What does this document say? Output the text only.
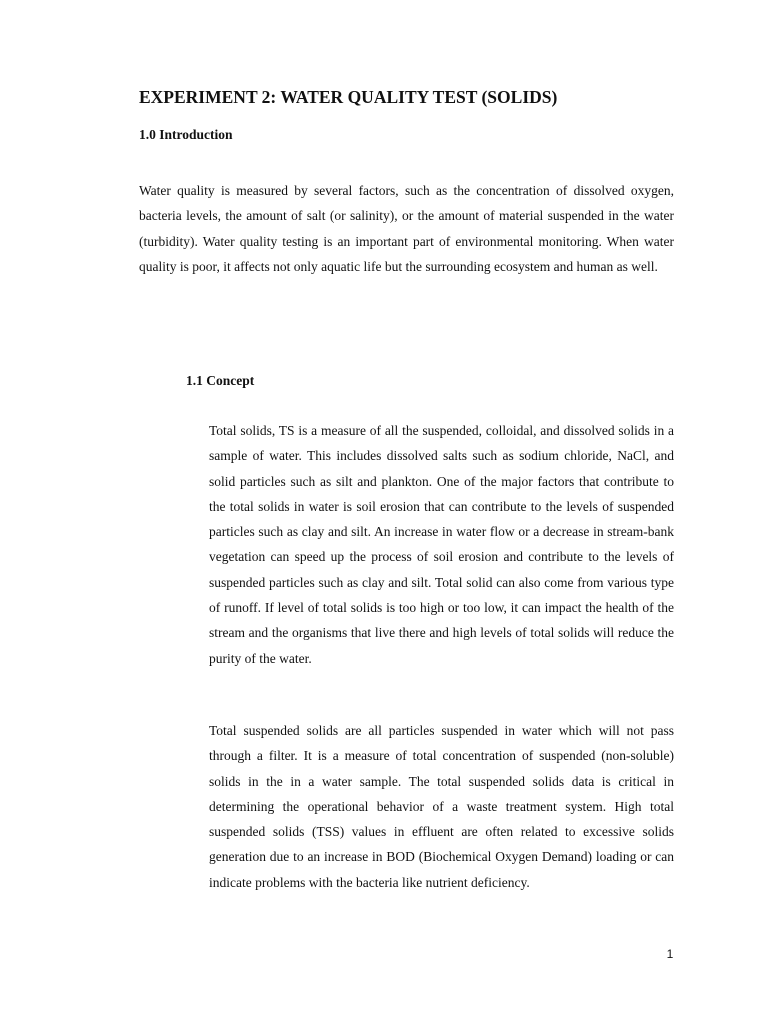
EXPERIMENT 2: WATER QUALITY TEST (SOLIDS)
1.0 Introduction

Water quality is measured by several factors, such as the concentration of dissolved oxygen, bacteria levels, the amount of salt (or salinity), or the amount of material suspended in the water (turbidity). Water quality testing is an important part of environmental monitoring. When water quality is poor, it affects not only aquatic life but the surrounding ecosystem and human as well.

1.1 Concept

Total solids, TS is a measure of all the suspended, colloidal, and dissolved solids in a sample of water. This includes dissolved salts such as sodium chloride, NaCl, and solid particles such as silt and plankton. One of the major factors that contribute to the total solids in water is soil erosion that can contribute to the levels of suspended particles such as clay and silt. An increase in water flow or a decrease in stream-bank vegetation can speed up the process of soil erosion and contribute to the levels of suspended particles such as clay and silt. Total solid can also come from various type of runoff. If level of total solids is too high or too low, it can impact the health of the stream and the organisms that live there and high levels of total solids will reduce the purity of the water.

Total suspended solids are all particles suspended in water which will not pass through a filter. It is a measure of total concentration of suspended (non-soluble) solids in the in a water sample. The total suspended solids data is critical in determining the operational behavior of a waste treatment system. High total suspended solids (TSS) values in effluent are often related to excessive solids generation due to an increase in BOD (Biochemical Oxygen Demand) loading or can indicate problems with the bacteria like nutrient deficiency.

1
